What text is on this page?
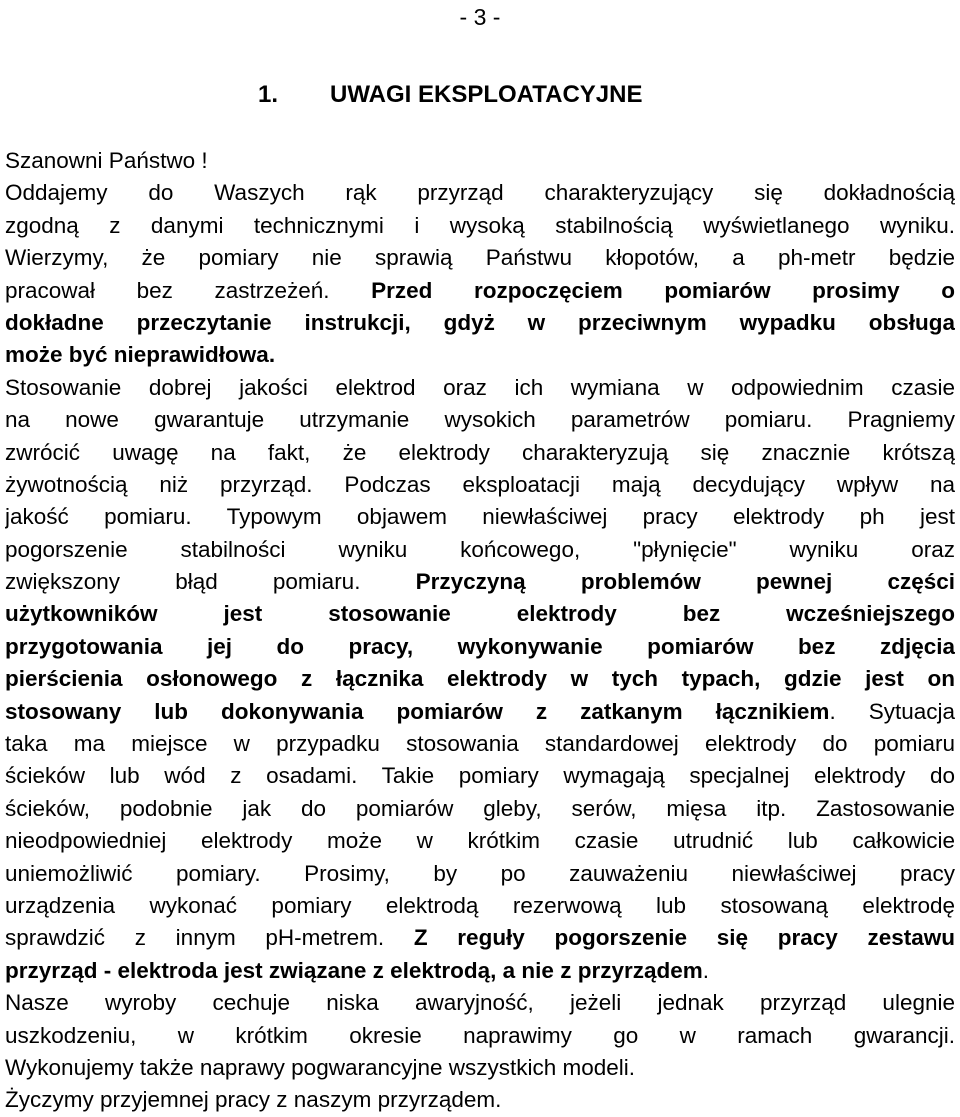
- 3 -
1. UWAGI EKSPLOATACYJNE
Szanowni Państwo !
Oddajemy do Waszych rąk przyrząd charakteryzujący się dokładnością
zgodną z danymi technicznymi i wysoką stabilnością wyświetlanego wyniku.
Wierzymy, że pomiary nie sprawią Państwu kłopotów, a ph-metr będzie
pracował bez zastrzeżeń. Przed rozpoczęciem pomiarów prosimy o
dokładne przeczytanie instrukcji, gdyż w przeciwnym wypadku obsługa
może być nieprawidłowa.
Stosowanie dobrej jakości elektrod oraz ich wymiana w odpowiednim czasie
na nowe gwarantuje utrzymanie wysokich parametrów pomiaru. Pragniemy
zwrócić uwagę na fakt, że elektrody charakteryzują się znacznie krótszą
żywotnością niż przyrząd. Podczas eksploatacji mają decydujący wpływ na
jakość pomiaru. Typowym objawem niewłaściwej pracy elektrody ph jest
pogorszenie stabilności wyniku końcowego, "płynięcie" wyniku oraz
zwiększony błąd pomiaru. Przyczyną problemów pewnej części
użytkowników jest stosowanie elektrody bez wcześniejszego
przygotowania jej do pracy, wykonywanie pomiarów bez zdjęcia
pierścienia osłonowego z łącznika elektrody w tych typach, gdzie jest on
stosowany lub dokonywania pomiarów z zatkanym łącznikiem. Sytuacja
taka ma miejsce w przypadku stosowania standardowej elektrody do pomiaru
ścieków lub wód z osadami. Takie pomiary wymagają specjalnej elektrody do
ścieków, podobnie jak do pomiarów gleby, serów, mięsa itp. Zastosowanie
nieodpowiedniej elektrody może w krótkim czasie utrudnić lub całkowicie
uniemożliwić pomiary. Prosimy, by po zauważeniu niewłaściwej pracy
urządzenia wykonać pomiary elektrodą rezerwową lub stosowaną elektrodę
sprawdzić z innym pH-metrem. Z reguły pogorszenie się pracy zestawu
przyrząd - elektroda jest związane z elektrodą, a nie z przyrządem.
Nasze wyroby cechuje niska awaryjność, jeżeli jednak przyrząd ulegnie
uszkodzeniu, w krótkim okresie naprawimy go w ramach gwarancji.
Wykonujemy także naprawy pogwarancyjne wszystkich modeli.
Życzymy przyjemnej pracy z naszym przyrządem.
